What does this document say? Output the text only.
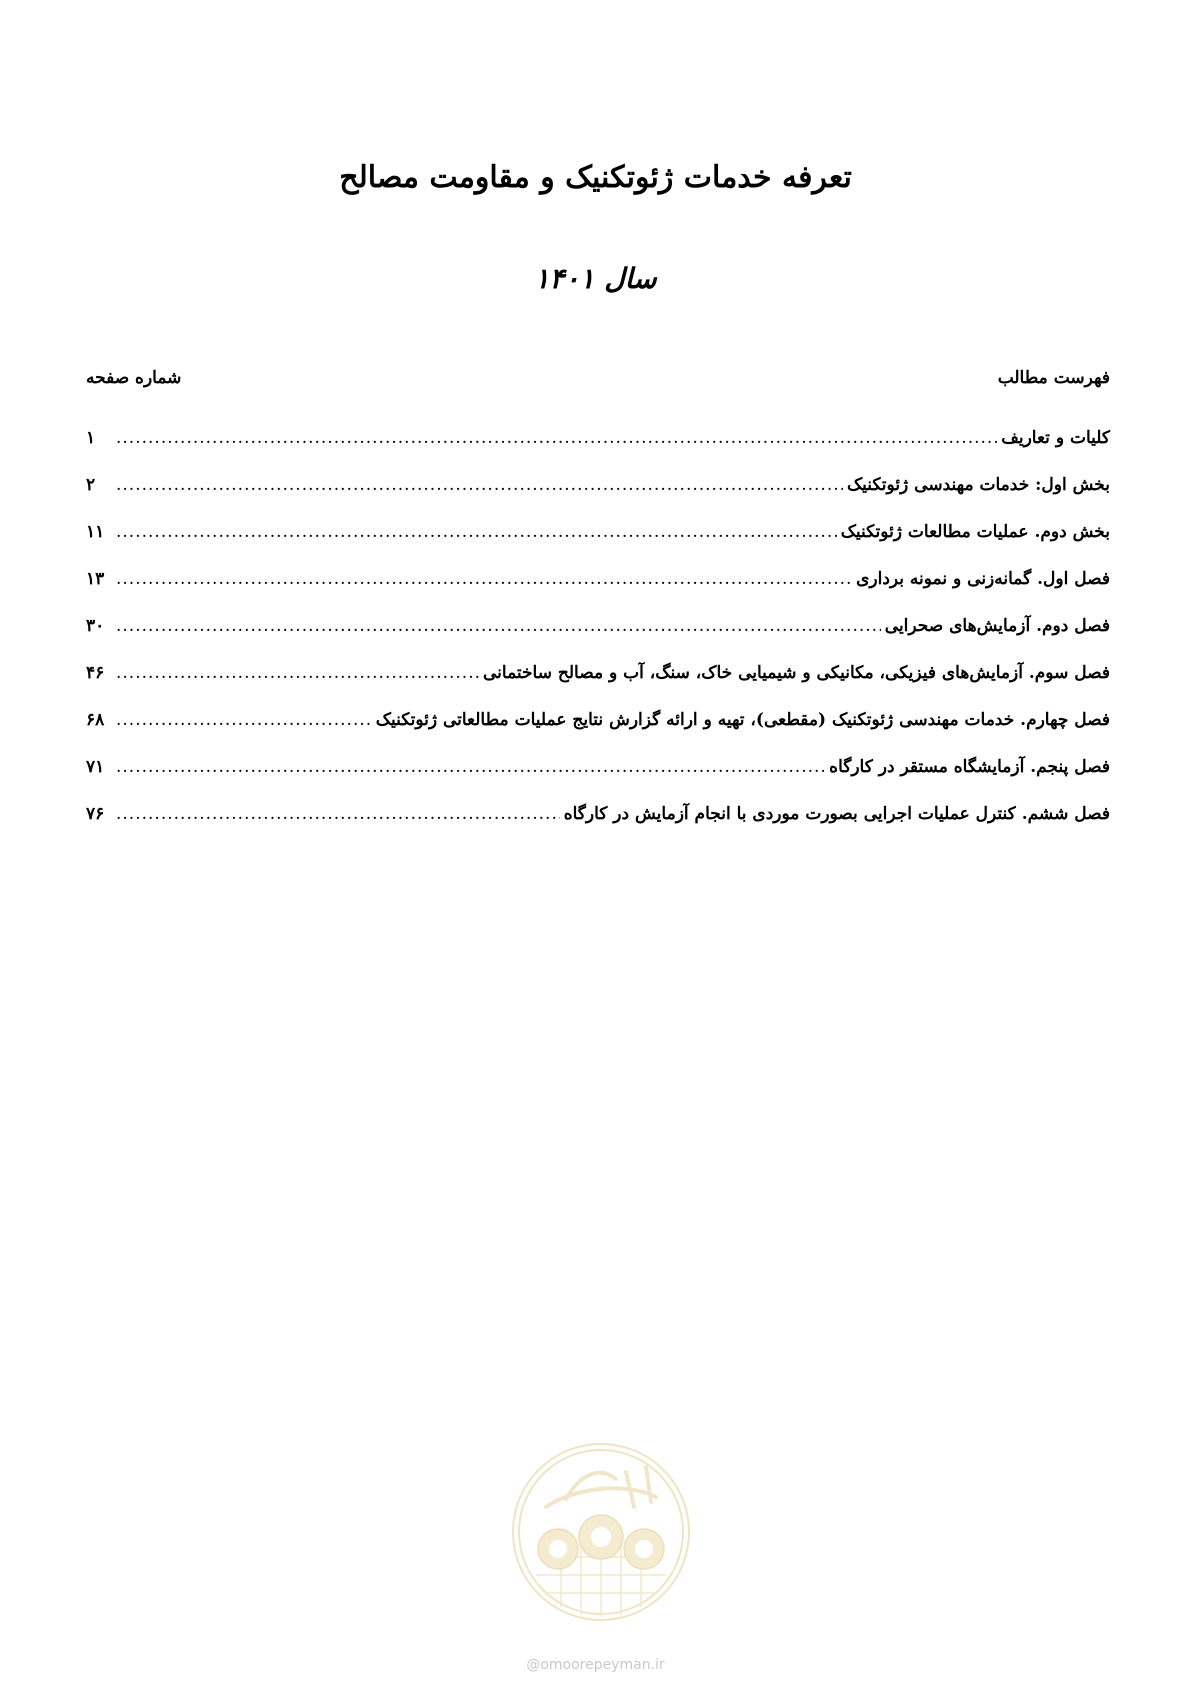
تعرفه خدمات ژئوتکنیک و مقاومت مصالح
سال ۱۴۰۱
فهرست مطالب
شماره صفحه
کلیات و تعاریف
.....
۱
بخش اول: خدمات مهندسی ژئوتکنیک
.....
۲
بخش دوم. عملیات مطالعات ژئوتکنیک
.....
۱۱
فصل اول. گمانه‌زنی و نمونه برداری
.....
۱۳
فصل دوم. آزمایش‌های صحرایی
.....
۳۰
فصل سوم. آزمایش‌های فیزیکی، مکانیکی و شیمیایی خاک، سنگ، آب و مصالح ساختمانی
.....
۴۶
فصل چهارم. خدمات مهندسی ژئوتکنیک (مقطعی)، تهیه و ارائه گزارش نتایج عملیات مطالعاتی ژئوتکنیک
.....
۶۸
فصل پنجم. آزمایشگاه مستقر در کارگاه
.....
۷۱
فصل ششم. کنترل عملیات اجرایی بصورت موردی با انجام آزمایش در کارگاه
.....
۷۶
@omoorepeyman.ir
